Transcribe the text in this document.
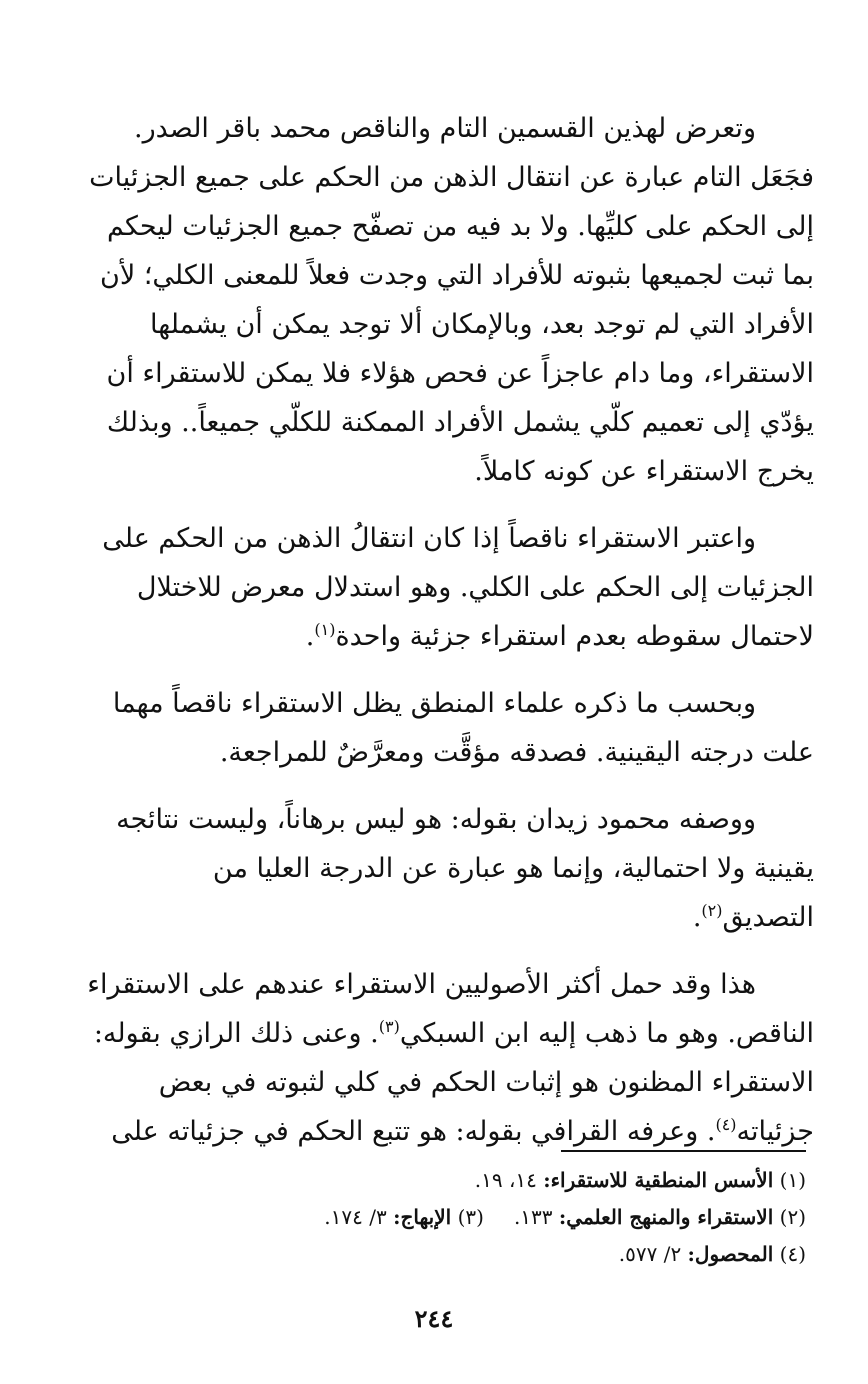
وتعرض لهذين القسمين التام والناقص محمد باقر الصدر.
فجَعَل التام عبارة عن انتقال الذهن من الحكم على جميع الجزئيات
إلى الحكم على كليِّها. ولا بد فيه من تصفّح جميع الجزئيات ليحكم
بما ثبت لجميعها بثبوته للأفراد التي وجدت فعلاً للمعنى الكلي؛ لأن
الأفراد التي لم توجد بعد، وبالإمكان ألا توجد يمكن أن يشملها
الاستقراء، وما دام عاجزاً عن فحص هؤلاء فلا يمكن للاستقراء أن
يؤدّي إلى تعميم كلّي يشمل الأفراد الممكنة للكلّي جميعاً.. وبذلك
يخرج الاستقراء عن كونه كاملاً.

واعتبر الاستقراء ناقصاً إذا كان انتقالُ الذهن من الحكم على
الجزئيات إلى الحكم على الكلي. وهو استدلال معرض للاختلال
لاحتمال سقوطه بعدم استقراء جزئية واحدة$^{(١)}$.

وبحسب ما ذكره علماء المنطق يظل الاستقراء ناقصاً مهما
علت درجته اليقينية. فصدقه مؤقَّت ومعرَّضٌ للمراجعة.

ووصفه محمود زيدان بقوله: هو ليس برهاناً، وليست نتائجه
يقينية ولا احتمالية، وإنما هو عبارة عن الدرجة العليا من
التصديق$^{(٢)}$.

هذا وقد حمل أكثر الأصوليين الاستقراء عندهم على الاستقراء
الناقص. وهو ما ذهب إليه ابن السبكي$^{(٣)}$. وعنى ذلك الرازي بقوله:
الاستقراء المظنون هو إثبات الحكم في كلي لثبوته في بعض
جزئياته$^{(٤)}$. وعرفه القرافي بقوله: هو تتبع الحكم في جزئياته على

(١) الأسس المنطقية للاستقراء: ١٤، ١٩.
(٢) الاستقراء والمنهج العلمي: ١٣٣.(٣) الإبهاج: ٣/ ١٧٤.
(٤) المحصول: ٢/ ٥٧٧.
٢٤٤
